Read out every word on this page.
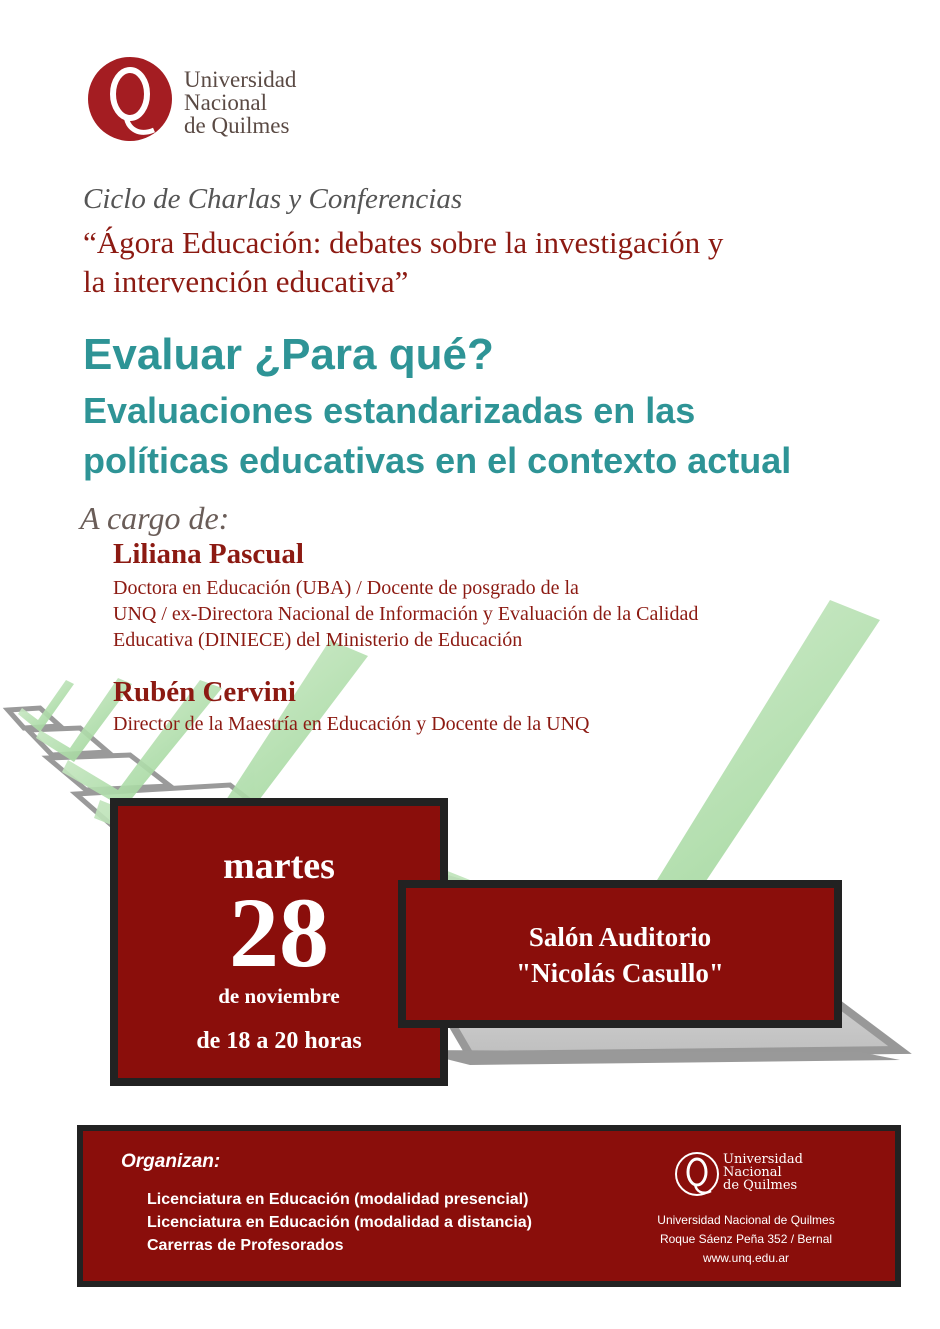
Universidad
Nacional
de Quilmes
Ciclo de Charlas y Conferencias
“Ágora Educación: debates sobre la investigación y
la intervención educativa”
Evaluar ¿Para qué?
Evaluaciones estandarizadas en las
políticas educativas en el contexto actual
A cargo de:
Liliana Pascual
Doctora en Educación (UBA) / Docente de posgrado de la
UNQ / ex-Directora Nacional de Información y Evaluación de la Calidad
Educativa (DINIECE) del Ministerio de Educación
Rubén Cervini
Director de la Maestría en Educación y Docente de la UNQ
martes
28
de noviembre
de 18 a 20 horas
Salón Auditorio
"Nicolás Casullo"
Organizan:
Licenciatura en Educación (modalidad presencial)
Licenciatura en Educación (modalidad a distancia)
Carerras de Profesorados
Universidad
Nacional
de Quilmes
Universidad Nacional de Quilmes
Roque Sáenz Peña 352 / Bernal
www.unq.edu.ar
